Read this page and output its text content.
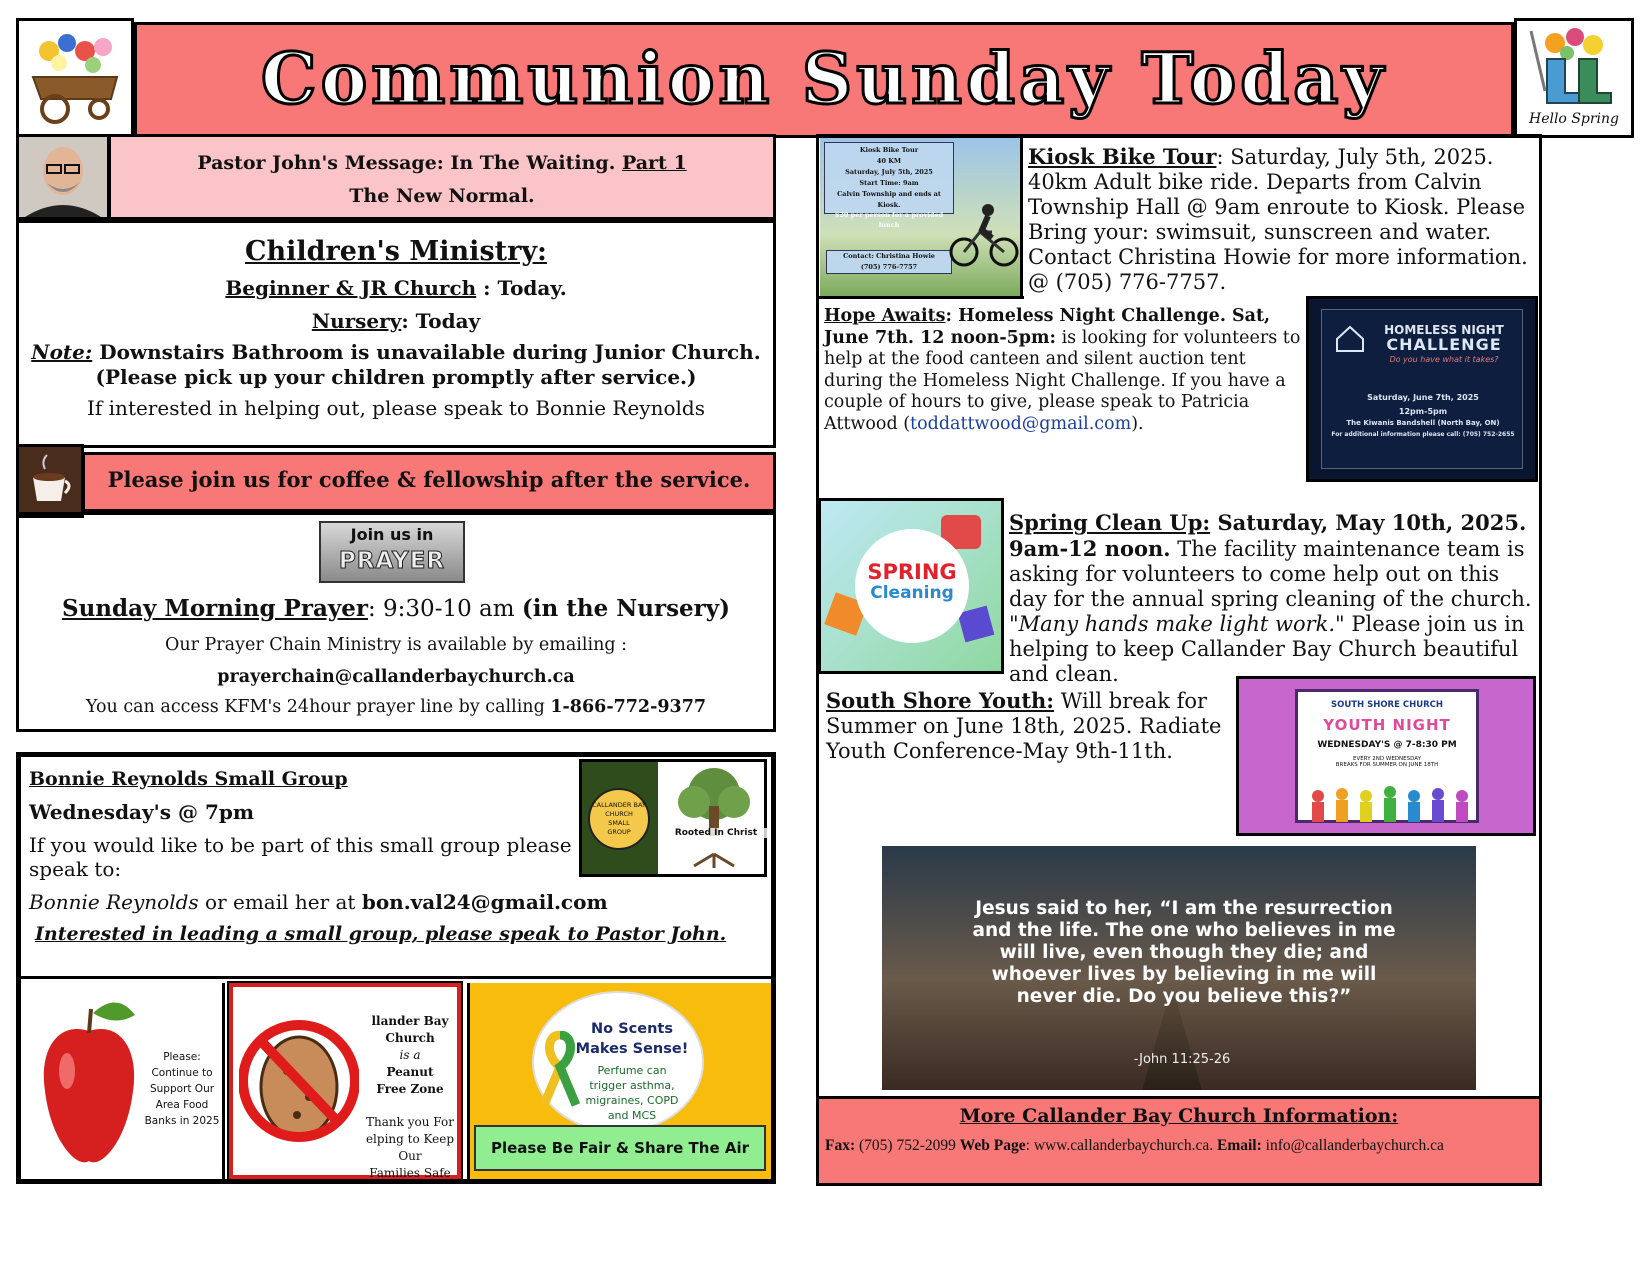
Communion Sunday Today	Hello Spring

Pastor John's Message: In The Waiting. Part 1

The New Normal.

Children's Ministry:

Beginner & JR Church : Today.

Nursery: Today

Note: Downstairs Bathroom is unavailable during Junior Church.

(Please pick up your children promptly after service.)

If interested in helping out, please speak to Bonnie Reynolds

Please join us for coffee & fellowship after the service.
Join us in
PRAYER

Sunday Morning Prayer: 9:30-10 am (in the Nursery)

Our Prayer Chain Ministry is available by emailing :

prayerchain@callanderbaychurch.ca

You can access KFM's 24hour prayer line by calling 1-866-772-9377

Bonnie Reynolds Small Group

Wednesday's @ 7pm

If you would like to be part of this small group please speak to:

Bonnie Reynolds or email her at bon.val24@gmail.com

Interested in leading a small group, please speak to Pastor John.

CALLANDER BAY
CHURCH
SMALL
GROUP	Rooted In Christ
Please:
Continue to
Support Our
Area Food
Banks in 2025
llander Bay Church
is a
Peanut
Free Zone
Thank you For
elping to Keep Our
Families Safe
No Scents
Makes Sense!
Perfume can
trigger asthma,
migraines, COPD
and MCS
Please Be Fair & Share The Air
Kiosk Bike Tour
40 KM
Saturday, July 5th, 2025
Start Time: 9am
Calvin Township and ends at Kiosk.
$20 per person for a provided lunch
Contact: Christina Howie
(705) 776-7757
Kiosk Bike Tour: Saturday, July 5th, 2025. 40km Adult bike ride. Departs from Calvin Township Hall @ 9am enroute to Kiosk. Please Bring your: swimsuit, sunscreen and water. Contact Christina Howie for more information. @ (705) 776-7757.
Hope Awaits: Homeless Night Challenge. Sat, June 7th. 12 noon-5pm: is looking for volunteers to help at the food canteen and silent auction tent during the Homeless Night Challenge. If you have a couple of hours to give, please speak to Patricia Attwood (toddattwood@gmail.com).
HOMELESS NIGHT
CHALLENGE
Do you have what it takes?
Saturday, June 7th, 2025
12pm-5pm
The Kiwanis Bandshell (North Bay, ON)
For additional information please call: (705) 752-2655
SPRING
Cleaning
Spring Clean Up: Saturday, May 10th, 2025. 9am-12 noon. The facility maintenance team is asking for volunteers to come help out on this day for the annual spring cleaning of the church. "Many hands make light work." Please join us in helping to keep Callander Bay Church beautiful and clean.
South Shore Youth: Will break for Summer on June 18th, 2025. Radiate Youth Conference-May 9th-11th.
SOUTH SHORE CHURCH
YOUTH NIGHT
WEDNESDAY'S @ 7-8:30 PM
EVERY 2ND WEDNESDAY
BREAKS FOR SUMMER ON JUNE 18TH
Jesus said to her, “I am the resurrection and the life. The one who believes in me will live, even though they die; and whoever lives by believing in me will never die. Do you believe this?”
-John 11:25-26

More Callander Bay Church Information:

Fax: (705) 752-2099 Web Page: www.callanderbaychurch.ca. Email: info@callanderbaychurch.ca
